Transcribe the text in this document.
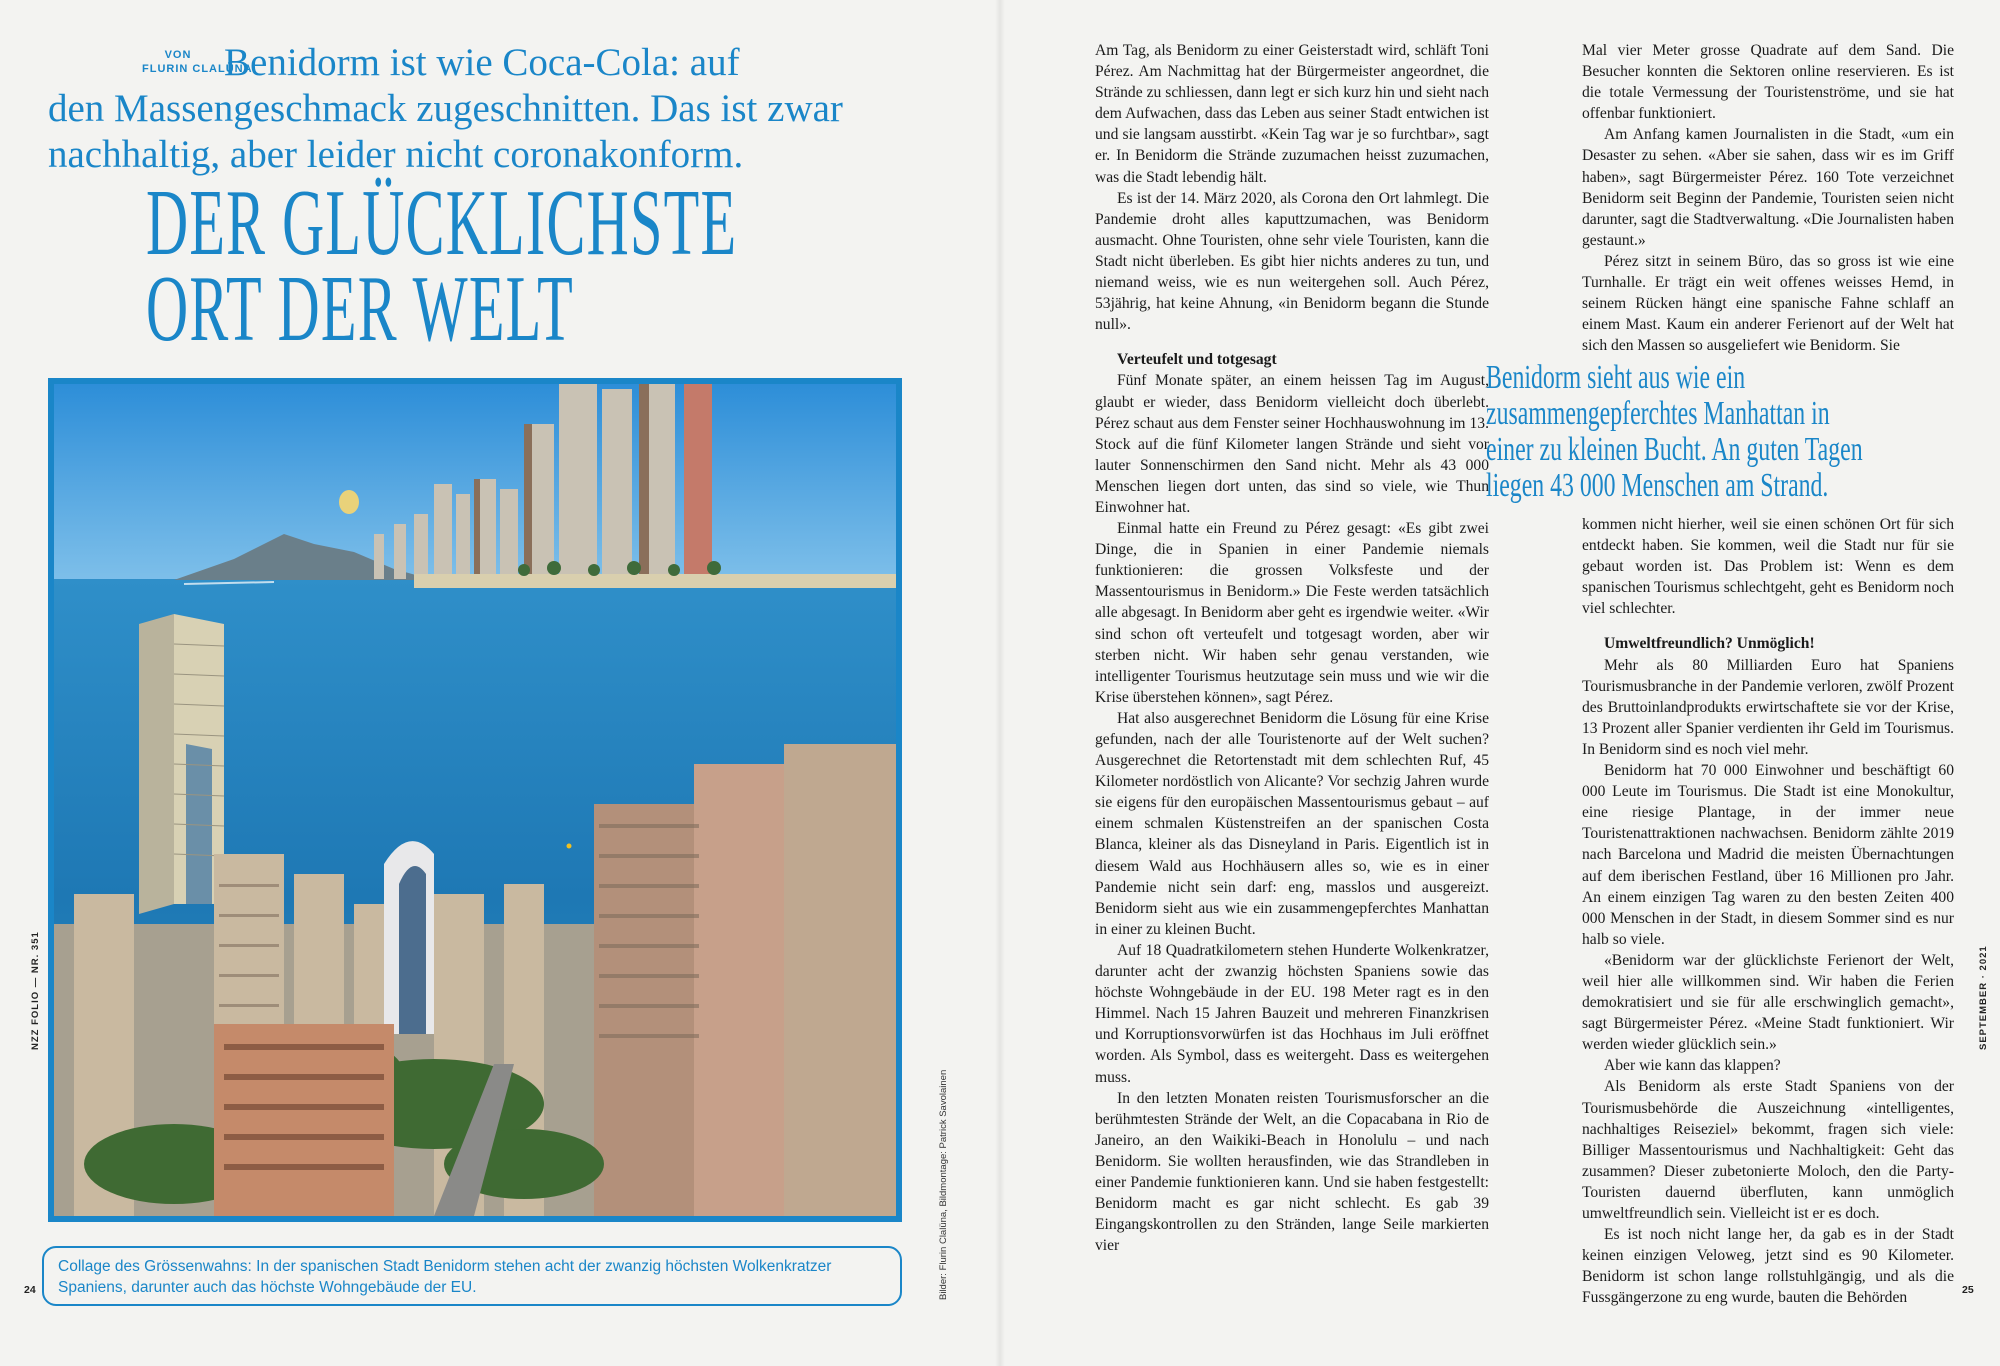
VON
FLURIN CLALÜNA
Benidorm ist wie Coca-Cola: auf
den Massengeschmack zugeschnitten. Das ist zwar
nachhaltig, aber leider nicht coronakonform.
DER GLÜCKLICHSTE
ORT DER WELT
Collage des Grössenwahns: In der spanischen Stadt Benidorm stehen acht der zwanzig höchsten Wolkenkratzer Spaniens, darunter auch das höchste Wohngebäude der EU.	Bilder: Flurin Clalüna, Bildmontage: Patrick Savolainen
NZZ FOLIO — NR. 351
24

Am Tag, als Benidorm zu einer Geisterstadt wird, schläft Toni Pérez. Am Nachmittag hat der Bürgermeister angeordnet, die Strände zu schliessen, dann legt er sich kurz hin und sieht nach dem Aufwachen, dass das Leben aus seiner Stadt entwichen ist und sie langsam ausstirbt. «Kein Tag war je so furchtbar», sagt er. In Benidorm die Strände zuzumachen heisst zuzumachen, was die Stadt lebendig hält.

Es ist der 14. März 2020, als Corona den Ort lahmlegt. Die Pandemie droht alles kaputtzumachen, was Benidorm ausmacht. Ohne Touristen, ohne sehr viele Touristen, kann die Stadt nicht überleben. Es gibt hier nichts anderes zu tun, und niemand weiss, wie es nun weitergehen soll. Auch Pérez, 53jährig, hat keine Ahnung, «in Benidorm begann die Stunde null».

Verteufelt und totgesagt

Fünf Monate später, an einem heissen Tag im August, glaubt er wieder, dass Benidorm vielleicht doch überlebt. Pérez schaut aus dem Fenster seiner Hochhauswohnung im 13. Stock auf die fünf Kilometer langen Strände und sieht vor lauter Sonnenschirmen den Sand nicht. Mehr als 43 000 Menschen liegen dort unten, das sind so viele, wie Thun Einwohner hat.

Einmal hatte ein Freund zu Pérez gesagt: «Es gibt zwei Dinge, die in Spanien in einer Pandemie niemals funktionieren: die grossen Volksfeste und der Massentourismus in Benidorm.» Die Feste werden tatsächlich alle abgesagt. In Benidorm aber geht es irgendwie weiter. «Wir sind schon oft verteufelt und totgesagt worden, aber wir sterben nicht. Wir haben sehr genau verstanden, wie intelligenter Tourismus heutzutage sein muss und wie wir die Krise überstehen können», sagt Pérez.

Hat also ausgerechnet Benidorm die Lösung für eine Krise gefunden, nach der alle Touristenorte auf der Welt suchen? Ausgerechnet die Retortenstadt mit dem schlechten Ruf, 45 Kilometer nordöstlich von Alicante? Vor sechzig Jahren wurde sie eigens für den europäischen Massentourismus gebaut – auf einem schmalen Küstenstreifen an der spanischen Costa Blanca, kleiner als das Disneyland in Paris. Eigentlich ist in diesem Wald aus Hochhäusern alles so, wie es in einer Pandemie nicht sein darf: eng, masslos und ausgereizt. Benidorm sieht aus wie ein zusammengepferchtes Manhattan in einer zu kleinen Bucht.

Auf 18 Quadratkilometern stehen Hunderte Wolkenkratzer, darunter acht der zwanzig höchsten Spaniens sowie das höchste Wohngebäude in der EU. 198 Meter ragt es in den Himmel. Nach 15 Jahren Bauzeit und mehreren Finanzkrisen und Korruptionsvorwürfen ist das Hochhaus im Juli eröffnet worden. Als Symbol, dass es weitergeht. Dass es weitergehen muss.

In den letzten Monaten reisten Tourismusforscher an die berühmtesten Strände der Welt, an die Copacabana in Rio de Janeiro, an den Waikiki-Beach in Honolulu – und nach Benidorm. Sie wollten herausfinden, wie das Strandleben in einer Pandemie funktionieren kann. Und sie haben festgestellt: Benidorm macht es gar nicht schlecht. Es gab 39 Eingangskontrollen zu den Stränden, lange Seile markierten vier

Mal vier Meter grosse Quadrate auf dem Sand. Die Besucher konnten die Sektoren online reservieren. Es ist die totale Vermessung der Touristenströme, und sie hat offenbar funktioniert.

Am Anfang kamen Journalisten in die Stadt, «um ein Desaster zu sehen. «Aber sie sahen, dass wir es im Griff haben», sagt Bürgermeister Pérez. 160 Tote verzeichnet Benidorm seit Beginn der Pandemie, Touristen seien nicht darunter, sagt die Stadtverwaltung. «Die Journalisten haben gestaunt.»

Pérez sitzt in seinem Büro, das so gross ist wie eine Turnhalle. Er trägt ein weit offenes weisses Hemd, in seinem Rücken hängt eine spanische Fahne schlaff an einem Mast. Kaum ein anderer Ferienort auf der Welt hat sich den Massen so ausgeliefert wie Benidorm. Sie

Benidorm sieht aus wie ein zusammengepferchtes Manhattan in einer zu kleinen Bucht. An guten Tagen liegen 43 000 Menschen am Strand.

kommen nicht hierher, weil sie einen schönen Ort für sich entdeckt haben. Sie kommen, weil die Stadt nur für sie gebaut worden ist. Das Problem ist: Wenn es dem spanischen Tourismus schlechtgeht, geht es Benidorm noch viel schlechter.

Umweltfreundlich? Unmöglich!

Mehr als 80 Milliarden Euro hat Spaniens Tourismusbranche in der Pandemie verloren, zwölf Prozent des Bruttoinlandprodukts erwirtschaftete sie vor der Krise, 13 Prozent aller Spanier verdienten ihr Geld im Tourismus. In Benidorm sind es noch viel mehr.

Benidorm hat 70 000 Einwohner und beschäftigt 60 000 Leute im Tourismus. Die Stadt ist eine Monokultur, eine riesige Plantage, in der immer neue Touristenattraktionen nachwachsen. Benidorm zählte 2019 nach Barcelona und Madrid die meisten Übernachtungen auf dem iberischen Festland, über 16 Millionen pro Jahr. An einem einzigen Tag waren zu den besten Zeiten 400 000 Menschen in der Stadt, in diesem Sommer sind es nur halb so viele.

«Benidorm war der glücklichste Ferienort der Welt, weil hier alle willkommen sind. Wir haben die Ferien demokratisiert und sie für alle erschwinglich gemacht», sagt Bürgermeister Pérez. «Meine Stadt funktioniert. Wir werden wieder glücklich sein.»

Aber wie kann das klappen?

Als Benidorm als erste Stadt Spaniens von der Tourismusbehörde die Auszeichnung «intelligentes, nachhaltiges Reiseziel» bekommt, fragen sich viele: Billiger Massentourismus und Nachhaltigkeit: Geht das zusammen? Dieser zubetonierte Moloch, den die Party-Touristen dauernd überfluten, kann unmöglich umweltfreundlich sein. Vielleicht ist er es doch.

Es ist noch nicht lange her, da gab es in der Stadt keinen einzigen Veloweg, jetzt sind es 90 Kilometer. Benidorm ist schon lange rollstuhlgängig, und als die Fussgängerzone zu eng wurde, bauten die Behörden

SEPTEMBER · 2021
25
